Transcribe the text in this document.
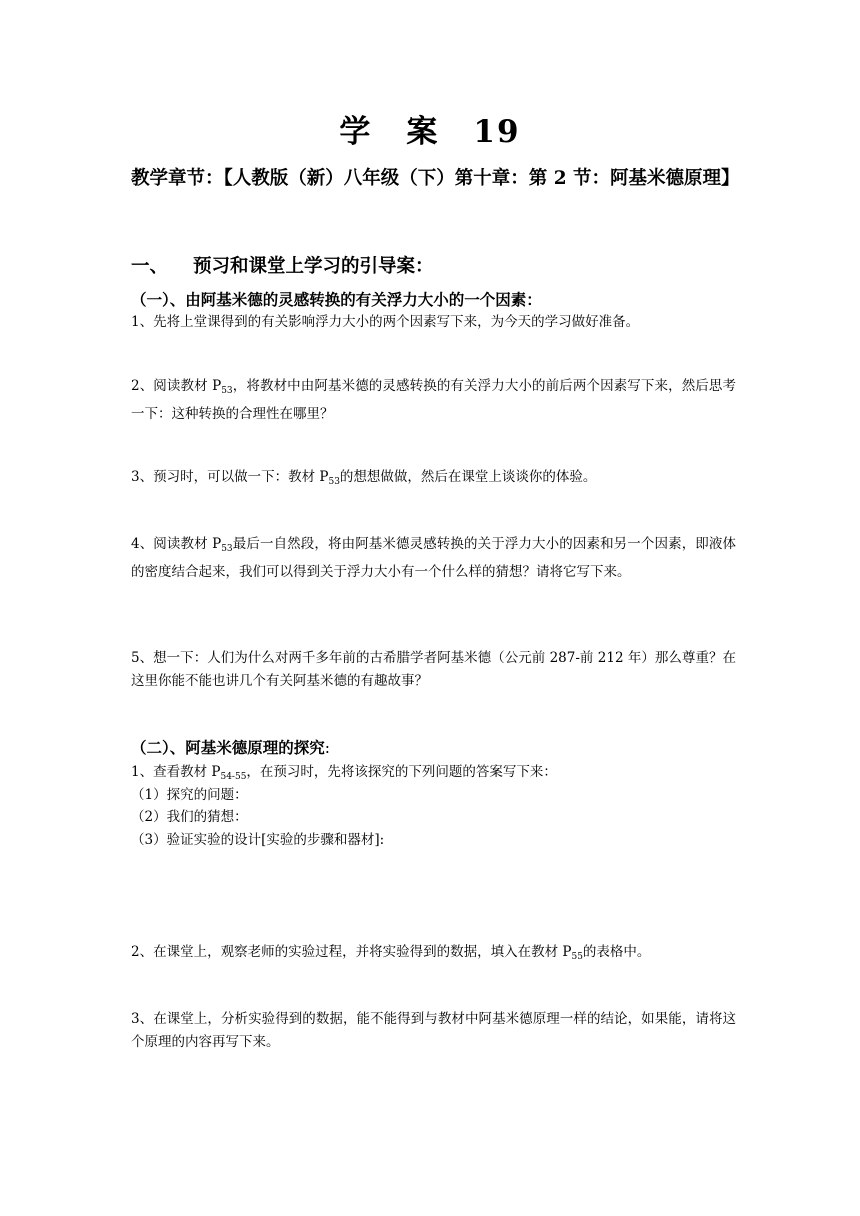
学 案 19
教学章节：【人教版（新）八年级（下）第十章：第 2 节：阿基米德原理】
一、 预习和课堂上学习的引导案：
（一）、由阿基米德的灵感转换的有关浮力大小的一个因素：
1、先将上堂课得到的有关影响浮力大小的两个因素写下来，为今天的学习做好准备。
2、阅读教材 $P_{53}$，将教材中由阿基米德的灵感转换的有关浮力大小的前后两个因素写下来，然后思考一下：这种转换的合理性在哪里？
3、预习时，可以做一下：教材 $P_{53}$的想想做做，然后在课堂上谈谈你的体验。
4、阅读教材 $P_{53}$最后一自然段，将由阿基米德灵感转换的关于浮力大小的因素和另一个因素，即液体的密度结合起来，我们可以得到关于浮力大小有一个什么样的猜想？请将它写下来。
5、想一下：人们为什么对两千多年前的古希腊学者阿基米德（公元前 287-前 212 年）那么尊重？在这里你能不能也讲几个有关阿基米德的有趣故事？
（二）、阿基米德原理的探究:
1、查看教材 $P_{54-55}$，在预习时，先将该探究的下列问题的答案写下来：
（1）探究的问题：
（2）我们的猜想：
（3）验证实验的设计[实验的步骤和器材]:
2、在课堂上，观察老师的实验过程，并将实验得到的数据，填入在教材 $P_{55}$的表格中。
3、在课堂上，分析实验得到的数据，能不能得到与教材中阿基米德原理一样的结论，如果能，请将这个原理的内容再写下来。
